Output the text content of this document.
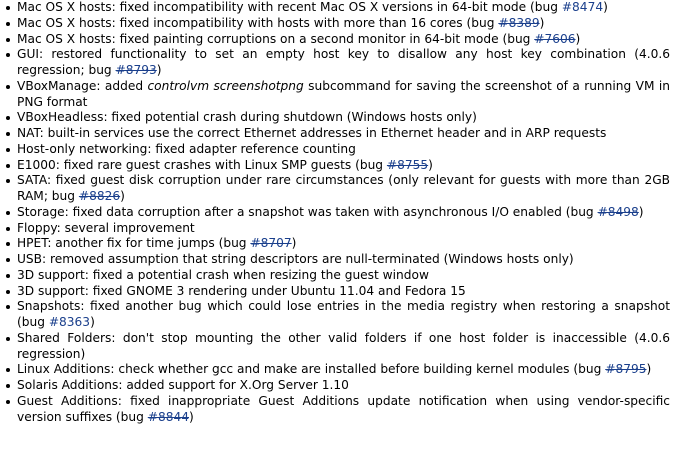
Mac OS X hosts: fixed incompatibility with recent Mac OS X versions in 64-bit mode (bug #8474)
Mac OS X hosts: fixed incompatibility with hosts with more than 16 cores (bug #8389)
Mac OS X hosts: fixed painting corruptions on a second monitor in 64-bit mode (bug #7606)
GUI: restored functionality to set an empty host key to disallow any host key combination (4.0.6 regression; bug #8793)
VBoxManage: added controlvm screenshotpng subcommand for saving the screenshot of a running VM in PNG format
VBoxHeadless: fixed potential crash during shutdown (Windows hosts only)
NAT: built-in services use the correct Ethernet addresses in Ethernet header and in ARP requests
Host-only networking: fixed adapter reference counting
E1000: fixed rare guest crashes with Linux SMP guests (bug #8755)
SATA: fixed guest disk corruption under rare circumstances (only relevant for guests with more than 2GB RAM; bug #8826)
Storage: fixed data corruption after a snapshot was taken with asynchronous I/O enabled (bug #8498)
Floppy: several improvement
HPET: another fix for time jumps (bug #8707)
USB: removed assumption that string descriptors are null-terminated (Windows hosts only)
3D support: fixed a potential crash when resizing the guest window
3D support: fixed GNOME 3 rendering under Ubuntu 11.04 and Fedora 15
Snapshots: fixed another bug which could lose entries in the media registry when restoring a snapshot (bug #8363)
Shared Folders: don't stop mounting the other valid folders if one host folder is inaccessible (4.0.6 regression)
Linux Additions: check whether gcc and make are installed before building kernel modules (bug #8795)
Solaris Additions: added support for X.Org Server 1.10
Guest Additions: fixed inappropriate Guest Additions update notification when using vendor-specific version suffixes (bug #8844)
